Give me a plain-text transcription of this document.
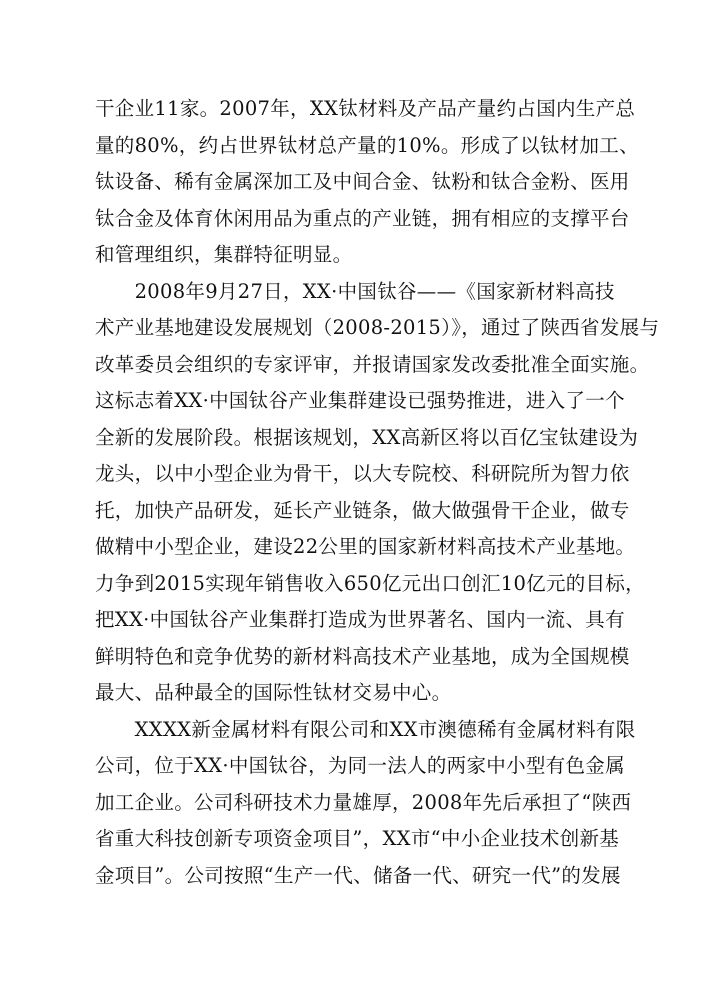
干企业11家。2007年，XX钛材料及产品产量约占国内生产总
量的80%，约占世界钛材总产量的10%。形成了以钛材加工、
钛设备、稀有金属深加工及中间合金、钛粉和钛合金粉、医用
钛合金及体育休闲用品为重点的产业链，拥有相应的支撑平台
和管理组织，集群特征明显。
　　2008年9月27日，XX·中国钛谷——《国家新材料高技
术产业基地建设发展规划（2008-2015）》，通过了陕西省发展与
改革委员会组织的专家评审，并报请国家发改委批准全面实施。
这标志着XX·中国钛谷产业集群建设已强势推进，进入了一个
全新的发展阶段。根据该规划，XX高新区将以百亿宝钛建设为
龙头，以中小型企业为骨干，以大专院校、科研院所为智力依
托，加快产品研发，延长产业链条，做大做强骨干企业，做专
做精中小型企业，建设22公里的国家新材料高技术产业基地。
力争到2015实现年销售收入650亿元出口创汇10亿元的目标，
把XX·中国钛谷产业集群打造成为世界著名、国内一流、具有
鲜明特色和竞争优势的新材料高技术产业基地，成为全国规模
最大、品种最全的国际性钛材交易中心。
　　XXXX新金属材料有限公司和XX市澳德稀有金属材料有限
公司，位于XX·中国钛谷，为同一法人的两家中小型有色金属
加工企业。公司科研技术力量雄厚，2008年先后承担了“陕西
省重大科技创新专项资金项目”，XX市“中小企业技术创新基
金项目”。公司按照“生产一代、储备一代、研究一代”的发展
